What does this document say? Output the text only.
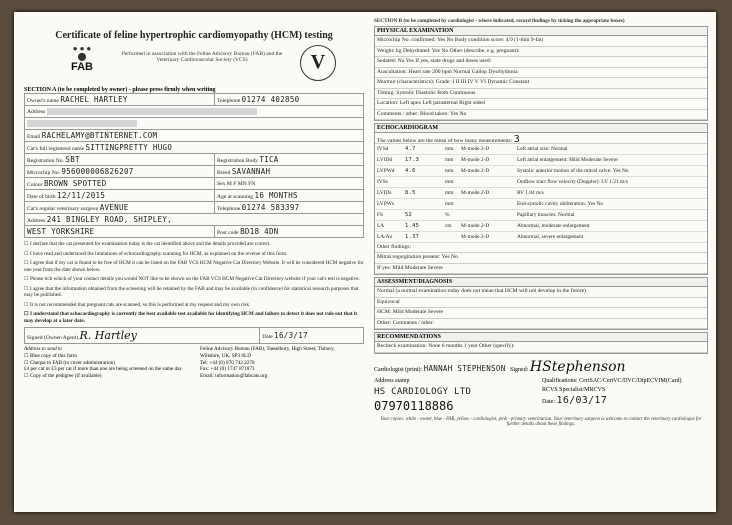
Certificate of feline hypertrophic cardiomyopathy (HCM) testing
● ● ●
⬤
FAB
Performed in association with the Feline Advisory Bureau (FAB) and the Veterinary Cardiovascular Society (VCS)	V
SECTION A (to be completed by owner) - please press firmly when writing
Owner's name RACHEL HARTLEY	Telephone 01274 402850
Address	

Email RACHELAMY@BTINTERNET.COM	
Cat's full registered name SITTINGPRETTY HUGO	
Registration No. SBT	Registration Body TICA
Microchip No. 956000006826207	Breed SAVANNAH
Colour BROWN SPOTTED	Sex M F MN FN
Date of birth 12/11/2015	Age at scanning 16 MONTHS
Cat's regular veterinary surgeon AVENUE	Telephone 01274 583397
Address 241 BINGLEY ROAD, SHIPLEY,	
WEST YORKSHIRE	Post code BD18 4DN
☐ I declare that the cat presented for examination today is the cat identified above and the details provided are correct.
☐ I have read and understood the limitations of echocardiography scanning for HCM, as explained on the reverse of this form.
☐ I agree that if my cat is found to be free of HCM it can be listed on the FAB VCS HCM Negative Cat Directory Website. It will be considered HCM negative for one year from the date shown below.
☐ Please tick which of your contact details you would NOT like to be shown on the FAB VCS HCM Negative Cat Directory website if your cat's test is negative.
☐ I agree that the information obtained from the screening will be retained by the FAB and may be available (in confidence) for statistical research purposes that may be published.
☐ It is not recommended that pregnant cats are scanned, so this is performed at my request and my own risk.
☐ I understand that echocardiography is currently the best available test available for identifying HCM and failure to detect it does not rule out that it may develop at a later date.
Signed (Owner/Agent) R. Hartley	Date 16/3/17
Address to send to
☐ Blue copy of this form
☐ Cheque to FAB (to cover administration)
£4 per cat or £3 per cat if more than one are being screened on the same day
☐ Copy of the pedigree (if available)
Feline Advisory Bureau (FAB), Taeselbury, High Street, Tisbury, Wiltshire, UK, SP3 6LD
Tel: +44 (0) 870 742 2278
Fax: +44 (0) 1747 871873
Email: information@fabcats.org
SECTION B (to be completed by cardiologist - where indicated, record findings by ticking the appropriate boxes)
PHYSICAL EXAMINATION
Microchip No. confirmed: Yes No Body condition score: 4/9 (1-thin 9-fat)
Weight: kg Dehydrated: Yes No Other (describe, e.g. pregnant):
Sedated: No Yes If yes, state drugs and doses used:
Auscultation: Heart rate 200 bpm Normal Gallop Dysrhythmia
Murmur (characteristics): Grade: I II III IV V VI Dynamic Constant
Timing: Systolic Diastolic Both Continuous
Location: Left apex Left parasternal Right sided
Comments / other: Blood taken: Yes No
ECHOCARDIOGRAM
The values below are the mean of how many measurements: 3
IVSd	4.7	mm	M-mode 2-D	Left atrial size: Normal
LVIDd	17.3	mm	M-mode 2-D	Left atrial enlargement: Mild Moderate Severe
LVPWd	4.6	mm	M-mode 2-D	Systolic anterior motion of the mitral valve: Yes No
IVSs		mm		Outflow tract flow velocity (Doppler): LV 1.21 m/s
LVIDs	8.5	mm	M-mode 2-D	RV 1.04 m/s
LVPWs		mm		End-systolic cavity obliteration: Yes No
FS	52	%		Papillary muscles: Normal
LA	1.45	cm	M-mode 2-D	Abnormal, moderate enlargement
LA/Ao	1.37		M-mode 2-D	Abnormal, severe enlargement
Other findings:
Mitral regurgitation present: Yes No
If yes: Mild Moderate Severe
ASSESSMENT/DIAGNOSIS
Normal (a normal examination today does not mean that HCM will not develop in the future)
Equivocal
HCM: Mild Moderate Severe
Other: Comments / other:
RECOMMENDATIONS
Recheck examination: None 6 months 1 year Other (specify):
Cardiologist (print): HANNAH STEPHENSON Signed: HStephenson
Address stamp
HS CARDIOLOGY LTD
07970118886
Qualifications: CertSAC/CertVC/DVC/DipECVIM(Card)
RCVS Specialist/MRCVS
Date: 16/03/17
Your copies: white - owner, blue - FAB, yellow - cardiologist, pink - primary veterinarian. Your veterinary surgeon is welcome to contact the veterinary cardiologist for further details about these findings.
